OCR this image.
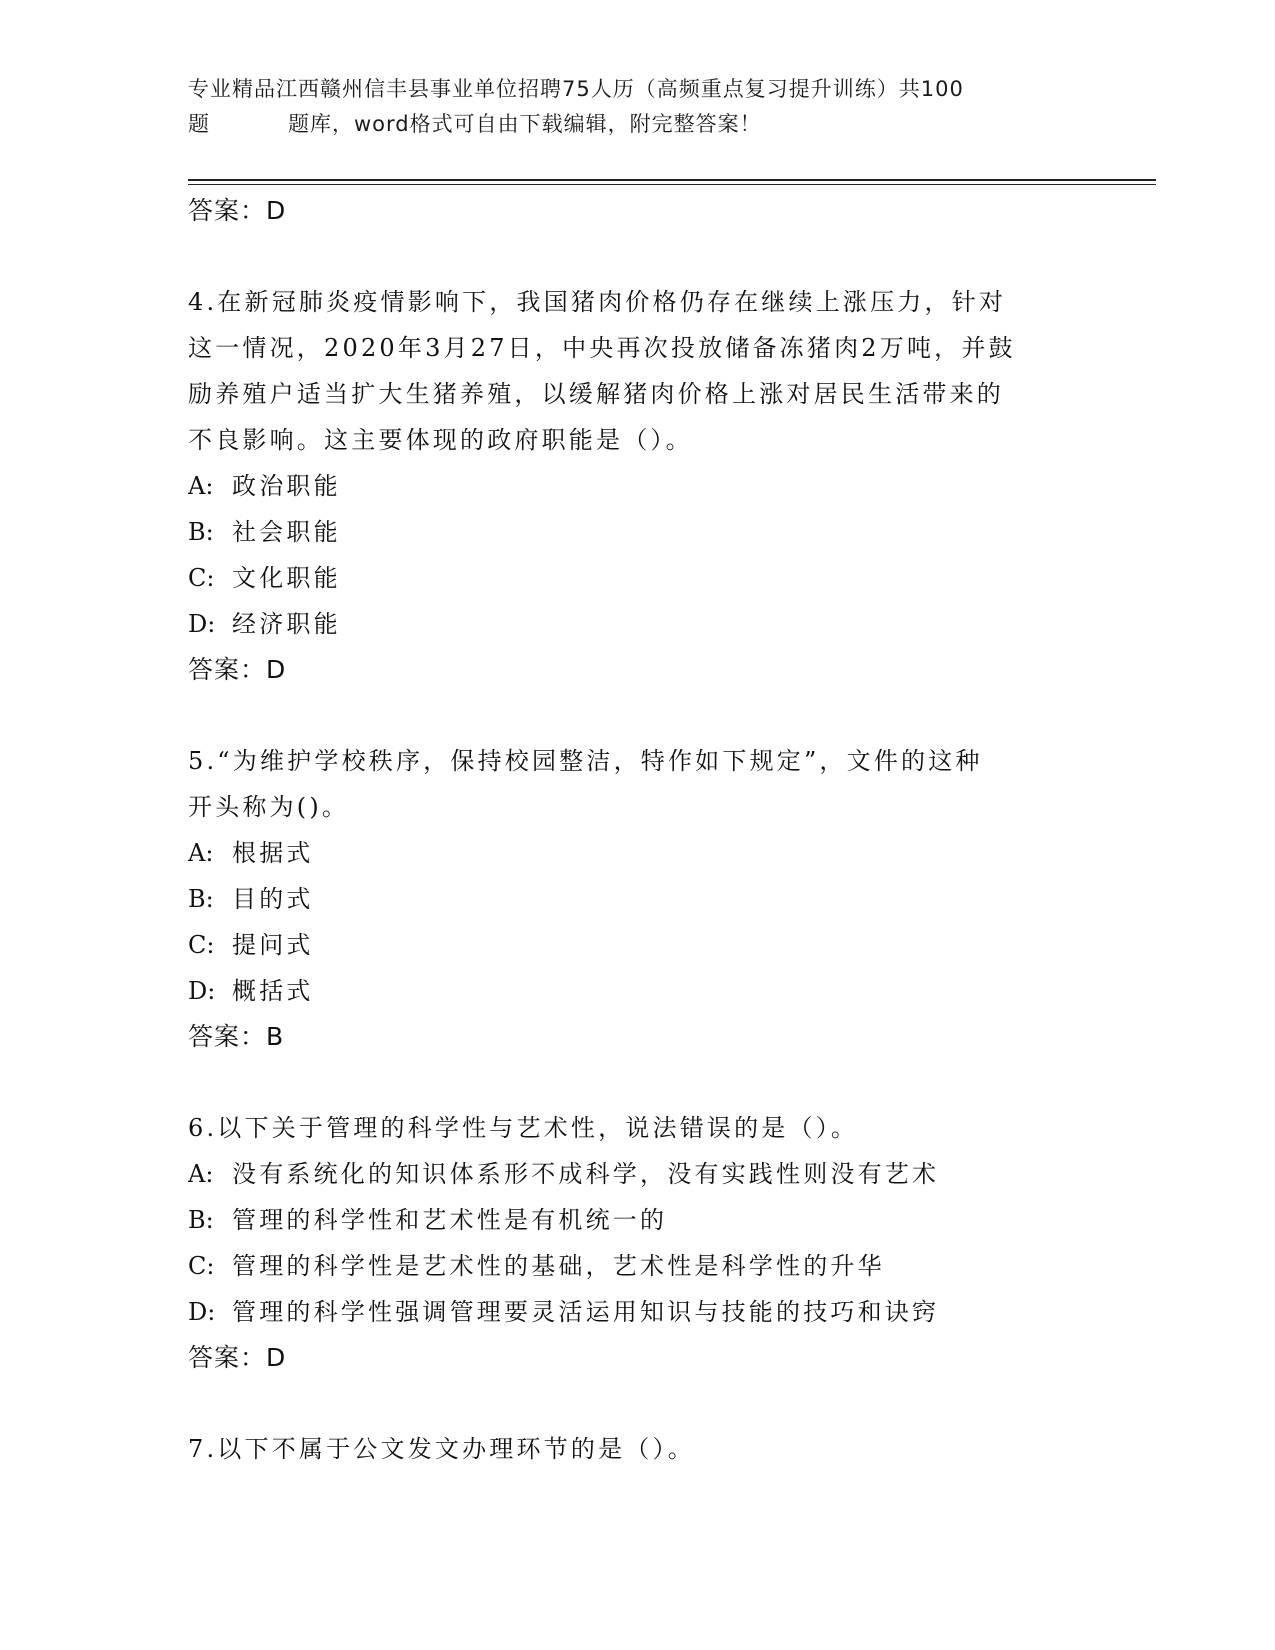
专业精品江西赣州信丰县事业单位招聘75人历（高频重点复习提升训练）共100
题	题库，word格式可自由下载编辑，附完整答案！
答案：D
4.在新冠肺炎疫情影响下，我国猪肉价格仍存在继续上涨压力，针对
这一情况，2020年3月27日，中央再次投放储备冻猪肉2万吨，并鼓
励养殖户适当扩大生猪养殖，以缓解猪肉价格上涨对居民生活带来的
不良影响。这主要体现的政府职能是（）。
A: 政治职能
B: 社会职能
C: 文化职能
D: 经济职能
答案：D
5.“为维护学校秩序，保持校园整洁，特作如下规定”，文件的这种
开头称为()。
A: 根据式
B: 目的式
C: 提问式
D: 概括式
答案：B
6.以下关于管理的科学性与艺术性，说法错误的是（）。
A: 没有系统化的知识体系形不成科学，没有实践性则没有艺术
B: 管理的科学性和艺术性是有机统一的
C: 管理的科学性是艺术性的基础，艺术性是科学性的升华
D: 管理的科学性强调管理要灵活运用知识与技能的技巧和诀窍
答案：D
7.以下不属于公文发文办理环节的是（）。
